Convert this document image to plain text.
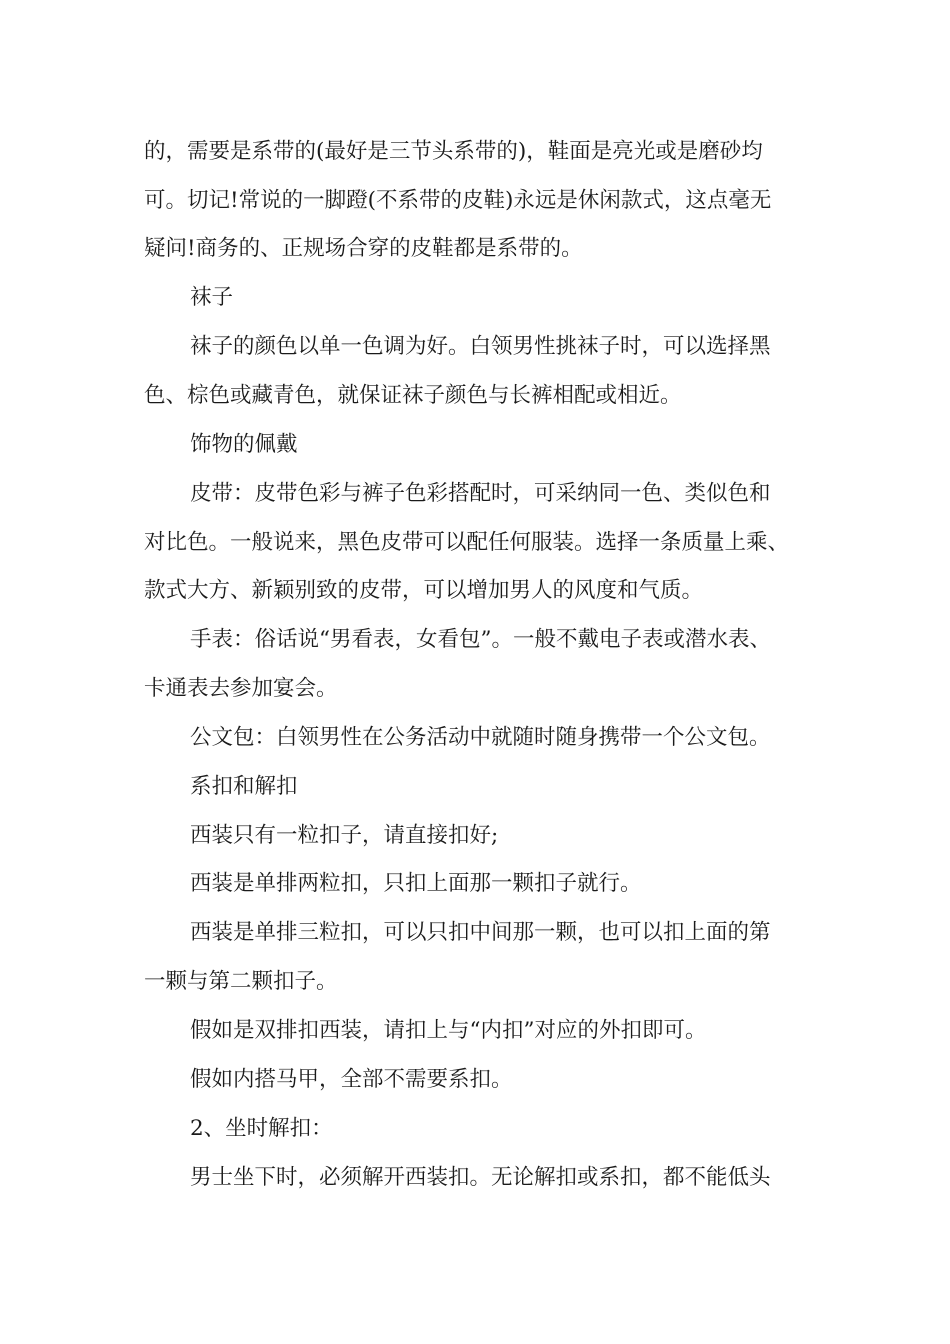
的，需要是系带的(最好是三节头系带的)，鞋面是亮光或是磨砂均
可。切记!常说的一脚蹬(不系带的皮鞋)永远是休闲款式，这点毫无
疑问!商务的、正规场合穿的皮鞋都是系带的。
袜子
袜子的颜色以单一色调为好。白领男性挑袜子时，可以选择黑
色、棕色或藏青色，就保证袜子颜色与长裤相配或相近。
饰物的佩戴
皮带：皮带色彩与裤子色彩搭配时，可采纳同一色、类似色和
对比色。一般说来，黑色皮带可以配任何服装。选择一条质量上乘、
款式大方、新颖别致的皮带，可以增加男人的风度和气质。
手表：俗话说“男看表，女看包”。一般不戴电子表或潜水表、
卡通表去参加宴会。
公文包：白领男性在公务活动中就随时随身携带一个公文包。
系扣和解扣
西装只有一粒扣子，请直接扣好;
西装是单排两粒扣，只扣上面那一颗扣子就行。
西装是单排三粒扣，可以只扣中间那一颗，也可以扣上面的第
一颗与第二颗扣子。
假如是双排扣西装，请扣上与“内扣”对应的外扣即可。
假如内搭马甲，全部不需要系扣。
2、坐时解扣：
男士坐下时，必须解开西装扣。无论解扣或系扣，都不能低头
